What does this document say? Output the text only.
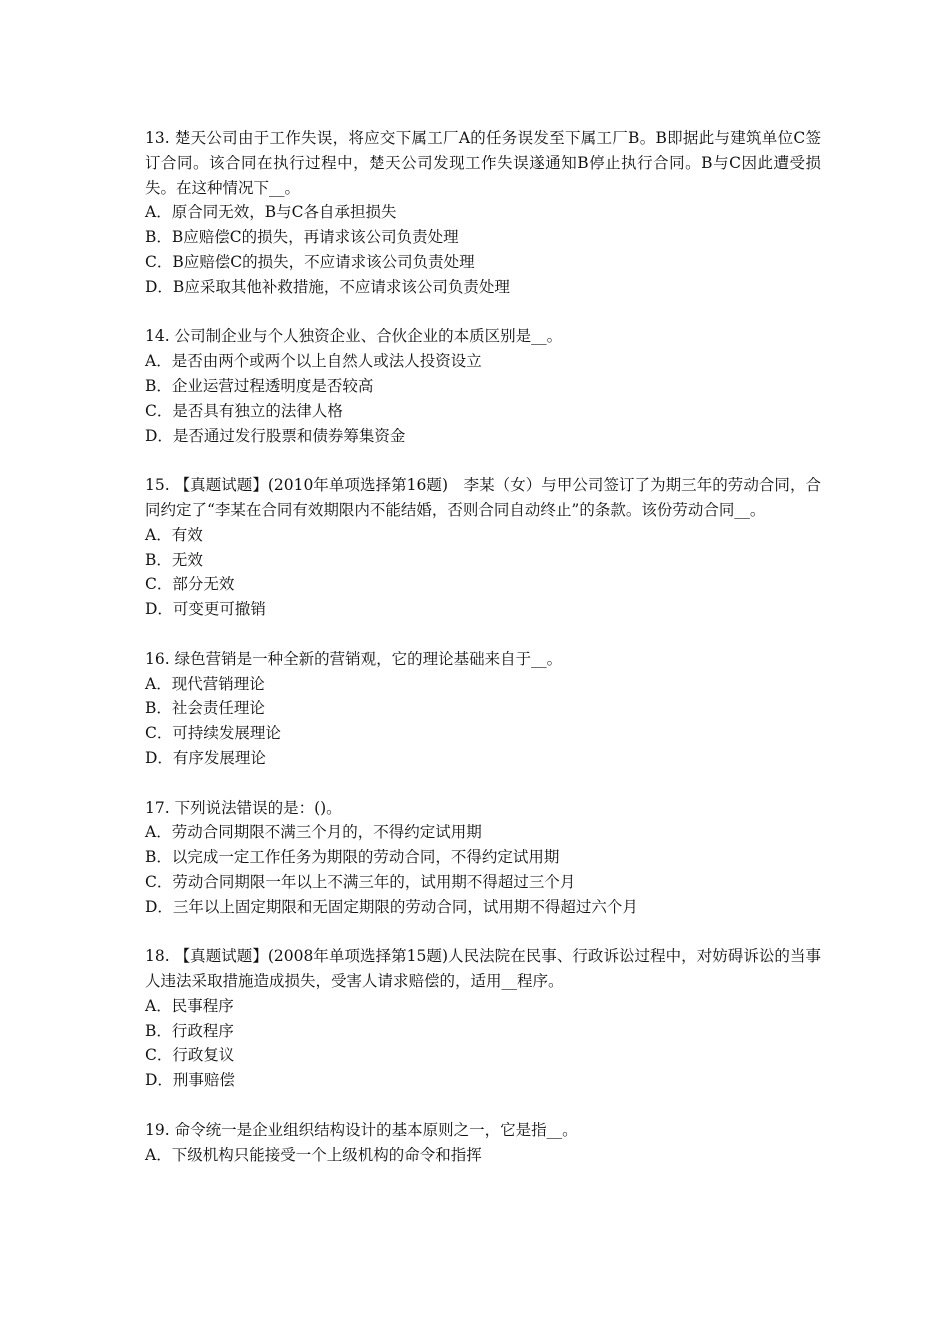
13. 楚天公司由于工作失误，将应交下属工厂A的任务误发至下属工厂B。B即据此与建筑单位C签订合同。该合同在执行过程中，楚天公司发现工作失误遂通知B停止执行合同。B与C因此遭受损失。在这种情况下__。

A．原合同无效，B与C各自承担损失

B．B应赔偿C的损失，再请求该公司负责处理

C．B应赔偿C的损失，不应请求该公司负责处理

D．B应采取其他补救措施，不应请求该公司负责处理

14. 公司制企业与个人独资企业、合伙企业的本质区别是__。

A．是否由两个或两个以上自然人或法人投资设立

B．企业运营过程透明度是否较高

C．是否具有独立的法律人格

D．是否通过发行股票和债券筹集资金

15. 【真题试题】(2010年单项选择第16题)　李某（女）与甲公司签订了为期三年的劳动合同，合同约定了“李某在合同有效期限内不能结婚，否则合同自动终止”的条款。该份劳动合同__。

A．有效

B．无效

C．部分无效

D．可变更可撤销

16. 绿色营销是一种全新的营销观，它的理论基础来自于__。

A．现代营销理论

B．社会责任理论

C．可持续发展理论

D．有序发展理论

17. 下列说法错误的是：()。

A．劳动合同期限不满三个月的，不得约定试用期

B．以完成一定工作任务为期限的劳动合同，不得约定试用期

C．劳动合同期限一年以上不满三年的，试用期不得超过三个月

D．三年以上固定期限和无固定期限的劳动合同，试用期不得超过六个月

18. 【真题试题】(2008年单项选择第15题)人民法院在民事、行政诉讼过程中，对妨碍诉讼的当事人违法采取措施造成损失，受害人请求赔偿的，适用__程序。

A．民事程序

B．行政程序

C．行政复议

D．刑事赔偿

19. 命令统一是企业组织结构设计的基本原则之一，它是指__。

A．下级机构只能接受一个上级机构的命令和指挥
